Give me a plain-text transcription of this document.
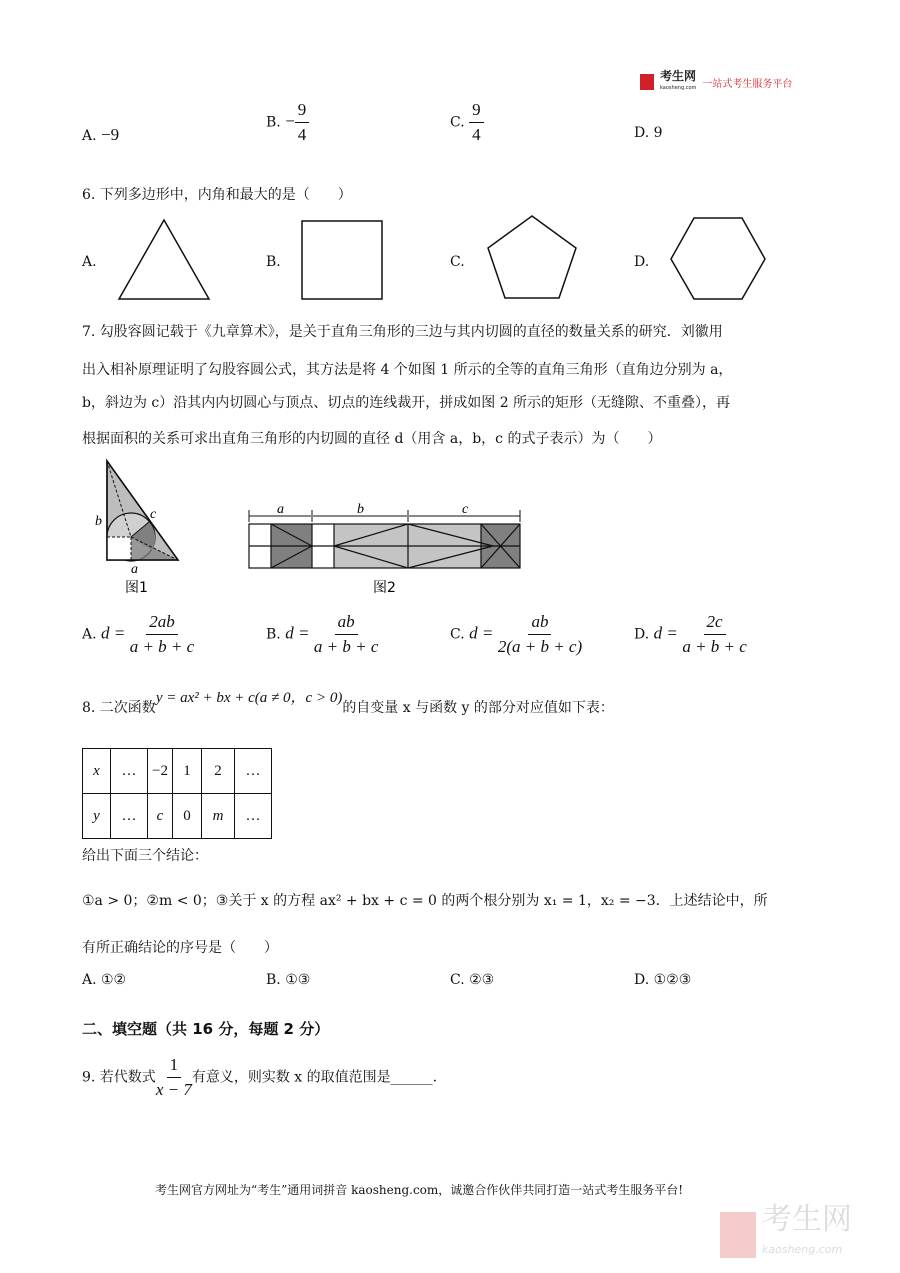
考生网
kaosheng.com 一站式考生服务平台
A. −9
B. − $\frac{9}{4}$	C. $\frac{9}{4}$	D. 9
6. 下列多边形中，内角和最大的是（　　）
A.	B.	C.	D.
7. 勾股容圆记载于《九章算术》，是关于直角三角形的三边与其内切圆的直径的数量关系的研究．刘徽用
出入相补原理证明了勾股容圆公式，其方法是将 4 个如图 1 所示的全等的直角三角形（直角边分别为 a，
b，斜边为 c）沿其内内切圆心与顶点、切点的连线裁开，拼成如图 2 所示的矩形（无缝隙、不重叠），再
根据面积的关系可求出直角三角形的内切圆的直径 d（用含 a，b，c 的式子表示）为（　　）
b	c
a
图1
a	b	c
图2
A. $d = \frac{2ab}{a + b + c}$	B. $d = \frac{ab}{a + b + c}$	C. $d = \frac{ab}{2(a + b + c)}$	D. $d = \frac{2c}{a + b + c}$
8. 二次函数y = ax² + bx + c(a ≠ 0，c > 0)的自变量 x 与函数 y 的部分对应值如下表：
x	…	−2	1	2	…
y	…	c	0	m	…
给出下面三个结论：
①a > 0；②m < 0；③关于 x 的方程 ax² + bx + c = 0 的两个根分别为 x₁ = 1，x₂ = −3．上述结论中，所
有所正确结论的序号是（　　）
A. ①②	B. ①③	C. ②③	D. ①②③
二、填空题（共 16 分，每题 2 分）
9. 若代数式 $\frac{1}{x - 7}$ 有意义，则实数 x 的取值范围是______.
考生网官方网址为“考生”通用词拼音 kaosheng.com，诚邀合作伙伴共同打造一站式考生服务平台!
考生网
kaosheng.com
